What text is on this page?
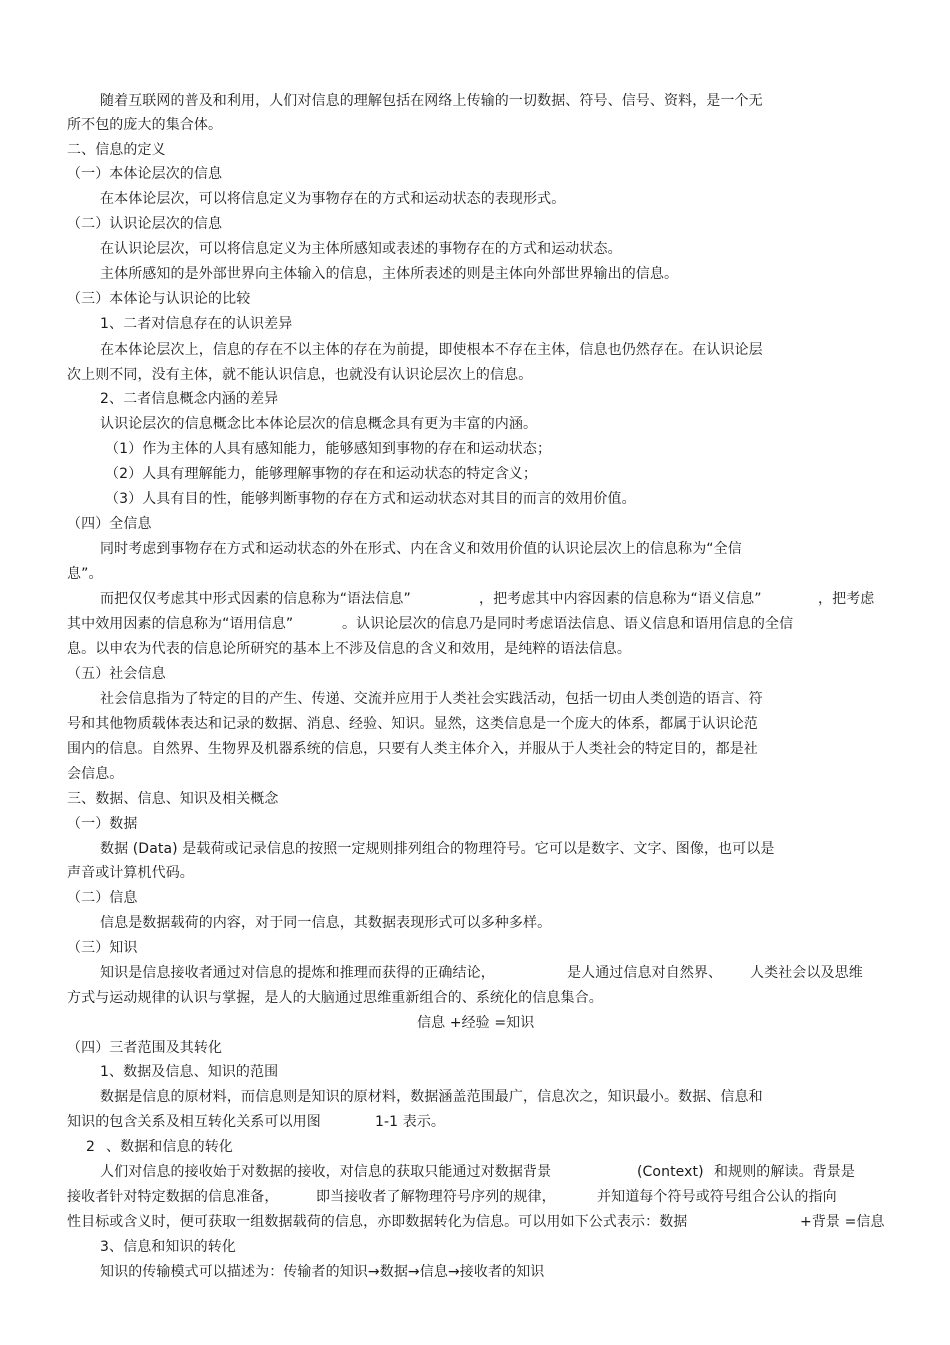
随着互联网的普及和利用，人们对信息的理解包括在网络上传输的一切数据、符号、信号、资料，是一个无
所不包的庞大的集合体。
二、信息的定义
（一）本体论层次的信息
在本体论层次，可以将信息定义为事物存在的方式和运动状态的表现形式。
（二）认识论层次的信息
在认识论层次，可以将信息定义为主体所感知或表述的事物存在的方式和运动状态。
主体所感知的是外部世界向主体输入的信息，主体所表述的则是主体向外部世界输出的信息。
（三）本体论与认识论的比较
1、二者对信息存在的认识差异
在本体论层次上，信息的存在不以主体的存在为前提，即使根本不存在主体，信息也仍然存在。在认识论层
次上则不同，没有主体，就不能认识信息，也就没有认识论层次上的信息。
2、二者信息概念内涵的差异
认识论层次的信息概念比本体论层次的信息概念具有更为丰富的内涵。
（1）作为主体的人具有感知能力，能够感知到事物的存在和运动状态；
（2）人具有理解能力，能够理解事物的存在和运动状态的特定含义；
（3）人具有目的性，能够判断事物的存在方式和运动状态对其目的而言的效用价值。
（四）全信息
同时考虑到事物存在方式和运动状态的外在形式、内在含义和效用价值的认识论层次上的信息称为“全信
息”。
而把仅仅考虑其中形式因素的信息称为“语法信息”	，把考虑其中内容因素的信息称为“语义信息”	，把考虑
其中效用因素的信息称为“语用信息”	。认识论层次的信息乃是同时考虑语法信息、语义信息和语用信息的全信
息。以申农为代表的信息论所研究的基本上不涉及信息的含义和效用，是纯粹的语法信息。
（五）社会信息
社会信息指为了特定的目的产生、传递、交流并应用于人类社会实践活动，包括一切由人类创造的语言、符
号和其他物质载体表达和记录的数据、消息、经验、知识。显然，这类信息是一个庞大的体系，都属于认识论范
围内的信息。自然界、生物界及机器系统的信息，只要有人类主体介入，并服从于人类社会的特定目的，都是社
会信息。
三、数据、信息、知识及相关概念
（一）数据
数据 (Data) 是载荷或记录信息的按照一定规则排列组合的物理符号。它可以是数字、文字、图像，也可以是
声音或计算机代码。
（二）信息
信息是数据载荷的内容，对于同一信息，其数据表现形式可以多种多样。
（三）知识
知识是信息接收者通过对信息的提炼和推理而获得的正确结论，	是人通过信息对自然界、 人类社会以及思维
方式与运动规律的认识与掌握，是人的大脑通过思维重新组合的、系统化的信息集合。
信息 +经验 =知识
（四）三者范围及其转化
1、数据及信息、知识的范围
数据是信息的原材料，而信息则是知识的原材料，数据涵盖范围最广，信息次之，知识最小。数据、信息和
知识的包含关系及相互转化关系可以用图	1-1 表示。
2 、数据和信息的转化
人们对信息的接收始于对数据的接收，对信息的获取只能通过对数据背景	(Context) 和规则的解读。背景是
接收者针对特定数据的信息准备，	即当接收者了解物理符号序列的规律，	并知道每个符号或符号组合公认的指向
性目标或含义时，便可获取一组数据载荷的信息，亦即数据转化为信息。可以用如下公式表示：数据	+背景 =信息
3、信息和知识的转化
知识的传输模式可以描述为：传输者的知识→数据→信息→接收者的知识
